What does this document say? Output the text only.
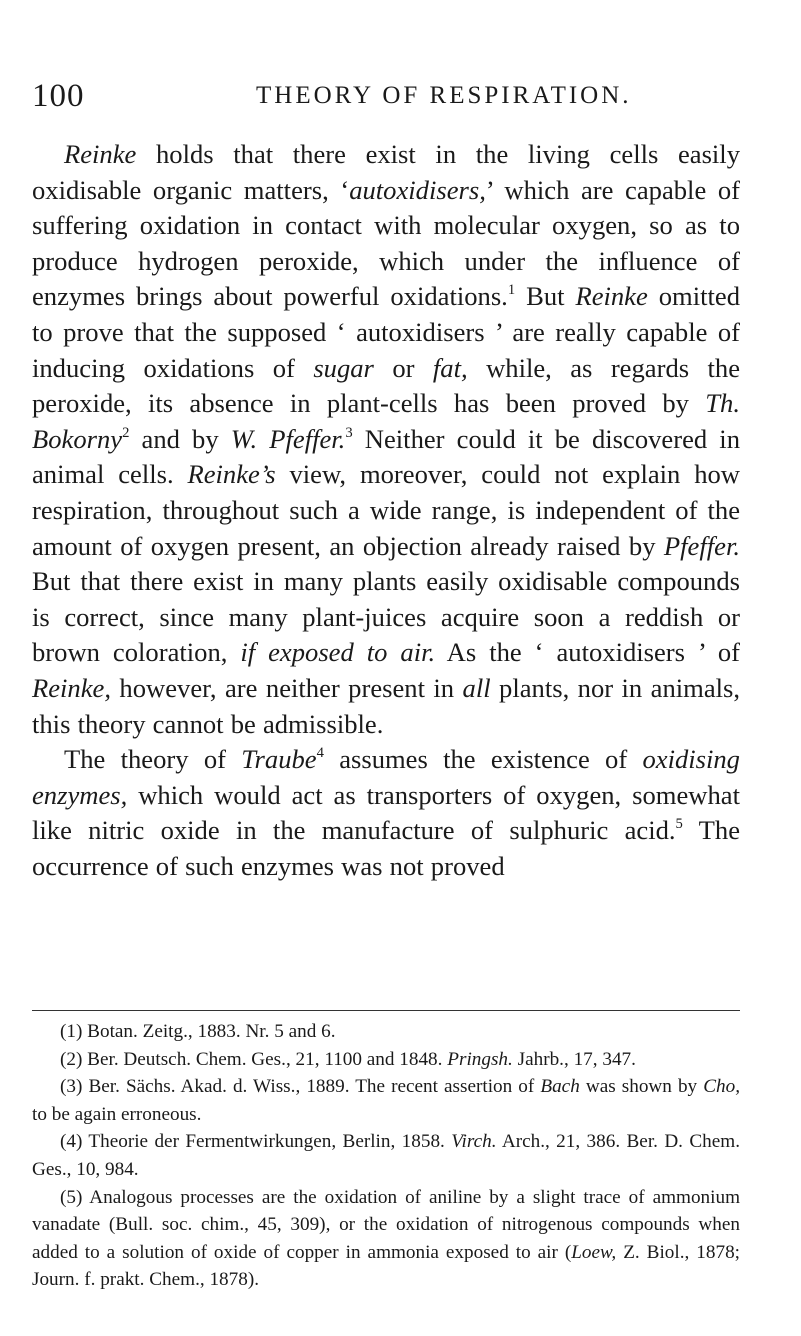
100	THEORY OF RESPIRATION.

Reinke holds that there exist in the living cells easily oxidisable organic matters, ‘autoxidisers,’ which are capable of suffering oxidation in contact with molecular oxygen, so as to produce hydrogen peroxide, which under the influence of enzymes brings about powerful oxidations.$^1$ But Reinke omitted to prove that the supposed ‘ autoxidisers ’ are really capable of inducing oxidations of sugar or fat, while, as regards the peroxide, its absence in plant-cells has been proved by Th. Bokorny$^2$ and by W. Pfeffer.$^3$ Neither could it be discovered in animal cells. Reinke’s view, moreover, could not explain how respiration, throughout such a wide range, is independent of the amount of oxygen present, an objection already raised by Pfeffer. But that there exist in many plants easily oxidisable compounds is correct, since many plant-juices acquire soon a reddish or brown coloration, if exposed to air. As the ‘ autoxidisers ’ of Reinke, however, are neither present in all plants, nor in animals, this theory cannot be admissible.

The theory of Traube$^4$ assumes the existence of oxidising enzymes, which would act as transporters of oxygen, somewhat like nitric oxide in the manufacture of sulphuric acid.$^5$ The occurrence of such enzymes was not proved

(1) Botan. Zeitg., 1883. Nr. 5 and 6.

(2) Ber. Deutsch. Chem. Ges., 21, 1100 and 1848. Pringsh. Jahrb., 17, 347.

(3) Ber. Sächs. Akad. d. Wiss., 1889. The recent assertion of Bach was shown by Cho, to be again erroneous.

(4) Theorie der Fermentwirkungen, Berlin, 1858. Virch. Arch., 21, 386. Ber. D. Chem. Ges., 10, 984.

(5) Analogous processes are the oxidation of aniline by a slight trace of ammonium vanadate (Bull. soc. chim., 45, 309), or the oxidation of nitrogenous compounds when added to a solution of oxide of copper in ammonia exposed to air (Loew, Z. Biol., 1878; Journ. f. prakt. Chem., 1878).
